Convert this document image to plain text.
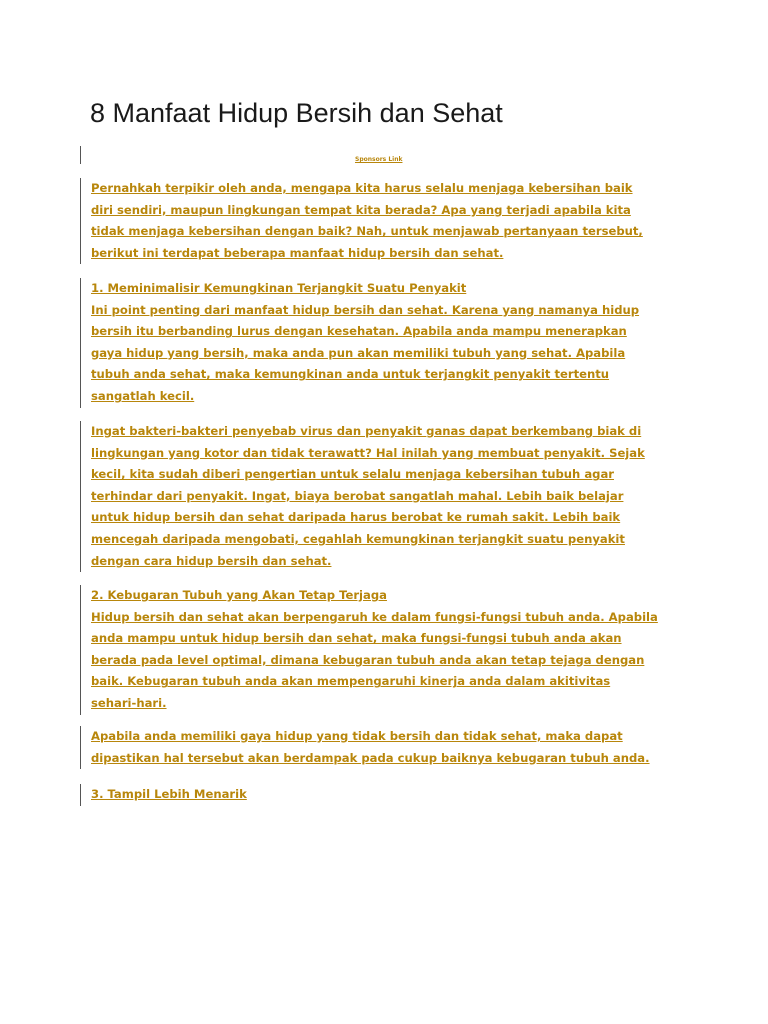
8 Manfaat Hidup Bersih dan Sehat
Sponsors Link

Pernahkah terpikir oleh anda, mengapa kita harus selalu menjaga kebersihan baik
diri sendiri, maupun lingkungan tempat kita berada? Apa yang terjadi apabila kita
tidak menjaga kebersihan dengan baik? Nah, untuk menjawab pertanyaan tersebut,
berikut ini terdapat beberapa manfaat hidup bersih dan sehat.

1. Meminimalisir Kemungkinan Terjangkit Suatu Penyakit
Ini point penting dari manfaat hidup bersih dan sehat. Karena yang namanya hidup
bersih itu berbanding lurus dengan kesehatan. Apabila anda mampu menerapkan
gaya hidup yang bersih, maka anda pun akan memiliki tubuh yang sehat. Apabila
tubuh anda sehat, maka kemungkinan anda untuk terjangkit penyakit tertentu
sangatlah kecil.

Ingat bakteri-bakteri penyebab virus dan penyakit ganas dapat berkembang biak di
lingkungan yang kotor dan tidak terawatt? Hal inilah yang membuat penyakit. Sejak
kecil, kita sudah diberi pengertian untuk selalu menjaga kebersihan tubuh agar
terhindar dari penyakit. Ingat, biaya berobat sangatlah mahal. Lebih baik belajar
untuk hidup bersih dan sehat daripada harus berobat ke rumah sakit. Lebih baik
mencegah daripada mengobati, cegahlah kemungkinan terjangkit suatu penyakit
dengan cara hidup bersih dan sehat.

2. Kebugaran Tubuh yang Akan Tetap Terjaga
Hidup bersih dan sehat akan berpengaruh ke dalam fungsi-fungsi tubuh anda. Apabila
anda mampu untuk hidup bersih dan sehat, maka fungsi-fungsi tubuh anda akan
berada pada level optimal, dimana kebugaran tubuh anda akan tetap tejaga dengan
baik. Kebugaran tubuh anda akan mempengaruhi kinerja anda dalam akitivitas
sehari-hari.

Apabila anda memiliki gaya hidup yang tidak bersih dan tidak sehat, maka dapat
dipastikan hal tersebut akan berdampak pada cukup baiknya kebugaran tubuh anda.

3. Tampil Lebih Menarik
